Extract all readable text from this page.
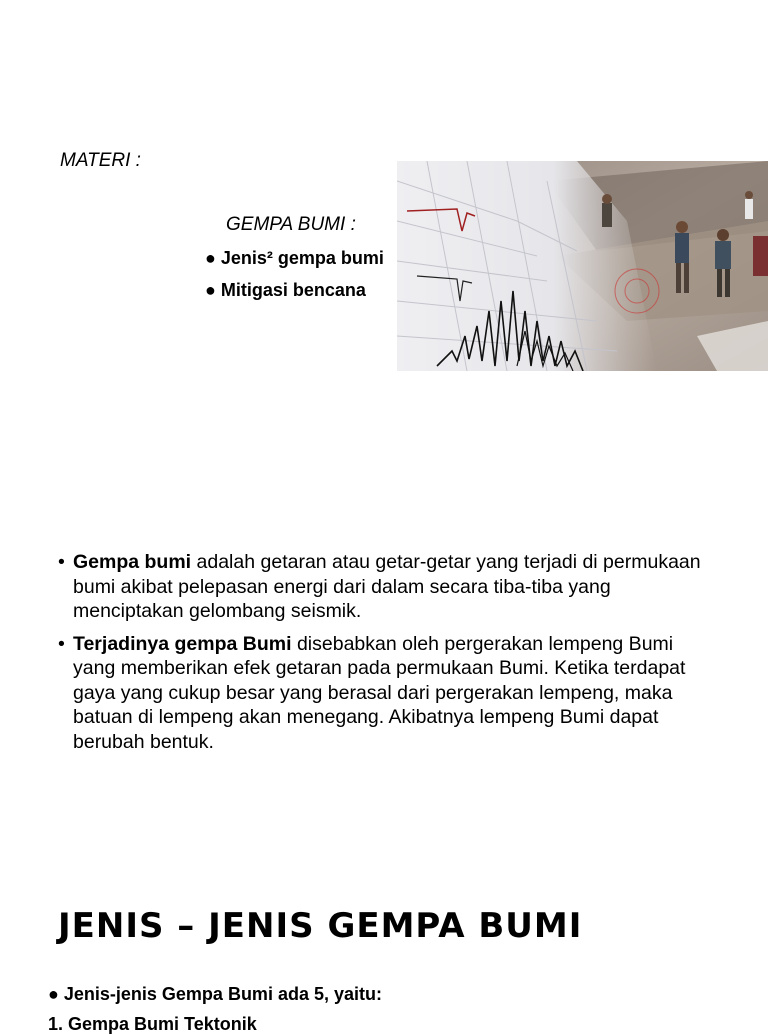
MATERI :
GEMPA BUMI :
● Jenis² gempa bumi
● Mitigasi bencana
• Gempa bumi adalah getaran atau getar-getar yang terjadi di permukaan bumi akibat pelepasan energi dari dalam secara tiba-tiba yang menciptakan gelombang seismik.
• Terjadinya gempa Bumi disebabkan oleh pergerakan lempeng Bumi yang memberikan efek getaran pada permukaan Bumi. Ketika terdapat gaya yang cukup besar yang berasal dari pergerakan lempeng, maka batuan di lempeng akan menegang. Akibatnya lempeng Bumi dapat berubah bentuk.
JENIS – JENIS GEMPA BUMI
● Jenis-jenis Gempa Bumi ada 5, yaitu:
1. Gempa Bumi Tektonik
